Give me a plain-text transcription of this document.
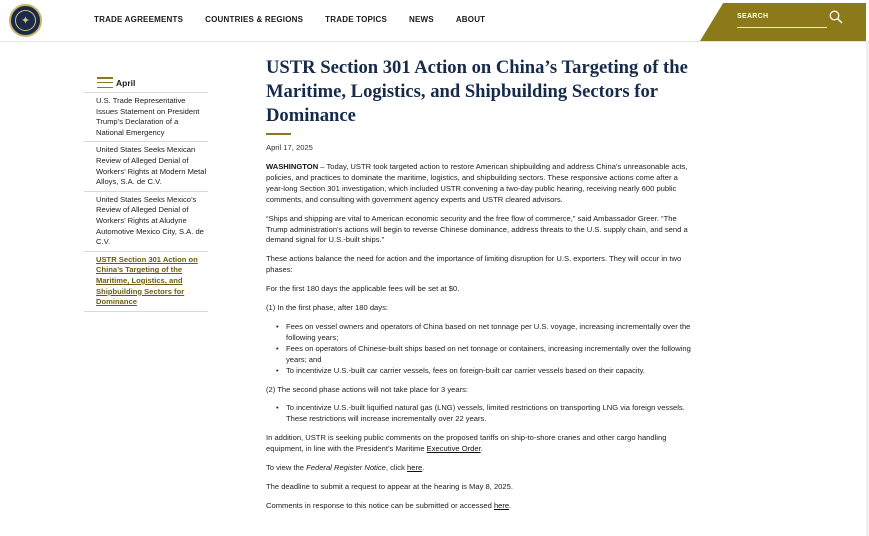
✦	TRADE AGREEMENTS	COUNTRIES & REGIONS	TRADE TOPICS	NEWS	ABOUT	SEARCH
April
U.S. Trade Representative Issues Statement on President Trump’s Declaration of a National Emergency
United States Seeks Mexican Review of Alleged Denial of Workers’ Rights at Modern Metal Alloys, S.A. de C.V.
United States Seeks Mexico’s Review of Alleged Denial of Workers’ Rights at Aludyne Automotive Mexico City, S.A. de C.V.
USTR Section 301 Action on China’s Targeting of the Maritime, Logistics, and Shipbuilding Sectors for Dominance
USTR Section 301 Action on China’s Targeting of the Maritime, Logistics, and Shipbuilding Sectors for Dominance
April 17, 2025

WASHINGTON – Today, USTR took targeted action to restore American shipbuilding and address China’s unreasonable acts, policies, and practices to dominate the maritime, logistics, and shipbuilding sectors. These responsive actions come after a year-long Section 301 investigation, which included USTR convening a two-day public hearing, receiving nearly 600 public comments, and consulting with government agency experts and USTR cleared advisors.

“Ships and shipping are vital to American economic security and the free flow of commerce,” said Ambassador Greer. “The Trump administration’s actions will begin to reverse Chinese dominance, address threats to the U.S. supply chain, and send a demand signal for U.S.-built ships.”

These actions balance the need for action and the importance of limiting disruption for U.S. exporters. They will occur in two phases:

For the first 180 days the applicable fees will be set at $0.

(1) In the first phase, after 180 days:

• Fees on vessel owners and operators of China based on net tonnage per U.S. voyage, increasing incrementally over the following years;
• Fees on operators of Chinese-built ships based on net tonnage or containers, increasing incrementally over the following years; and
• To incentivize U.S.-built car carrier vessels, fees on foreign-built car carrier vessels based on their capacity.

(2) The second phase actions will not take place for 3 years:

• To incentivize U.S.-built liquified natural gas (LNG) vessels, limited restrictions on transporting LNG via foreign vessels. These restrictions will increase incrementally over 22 years.

In addition, USTR is seeking public comments on the proposed tariffs on ship-to-shore cranes and other cargo handling equipment, in line with the President’s Maritime Executive Order.

To view the Federal Register Notice, click here.

The deadline to submit a request to appear at the hearing is May 8, 2025.

Comments in response to this notice can be submitted or accessed here.
